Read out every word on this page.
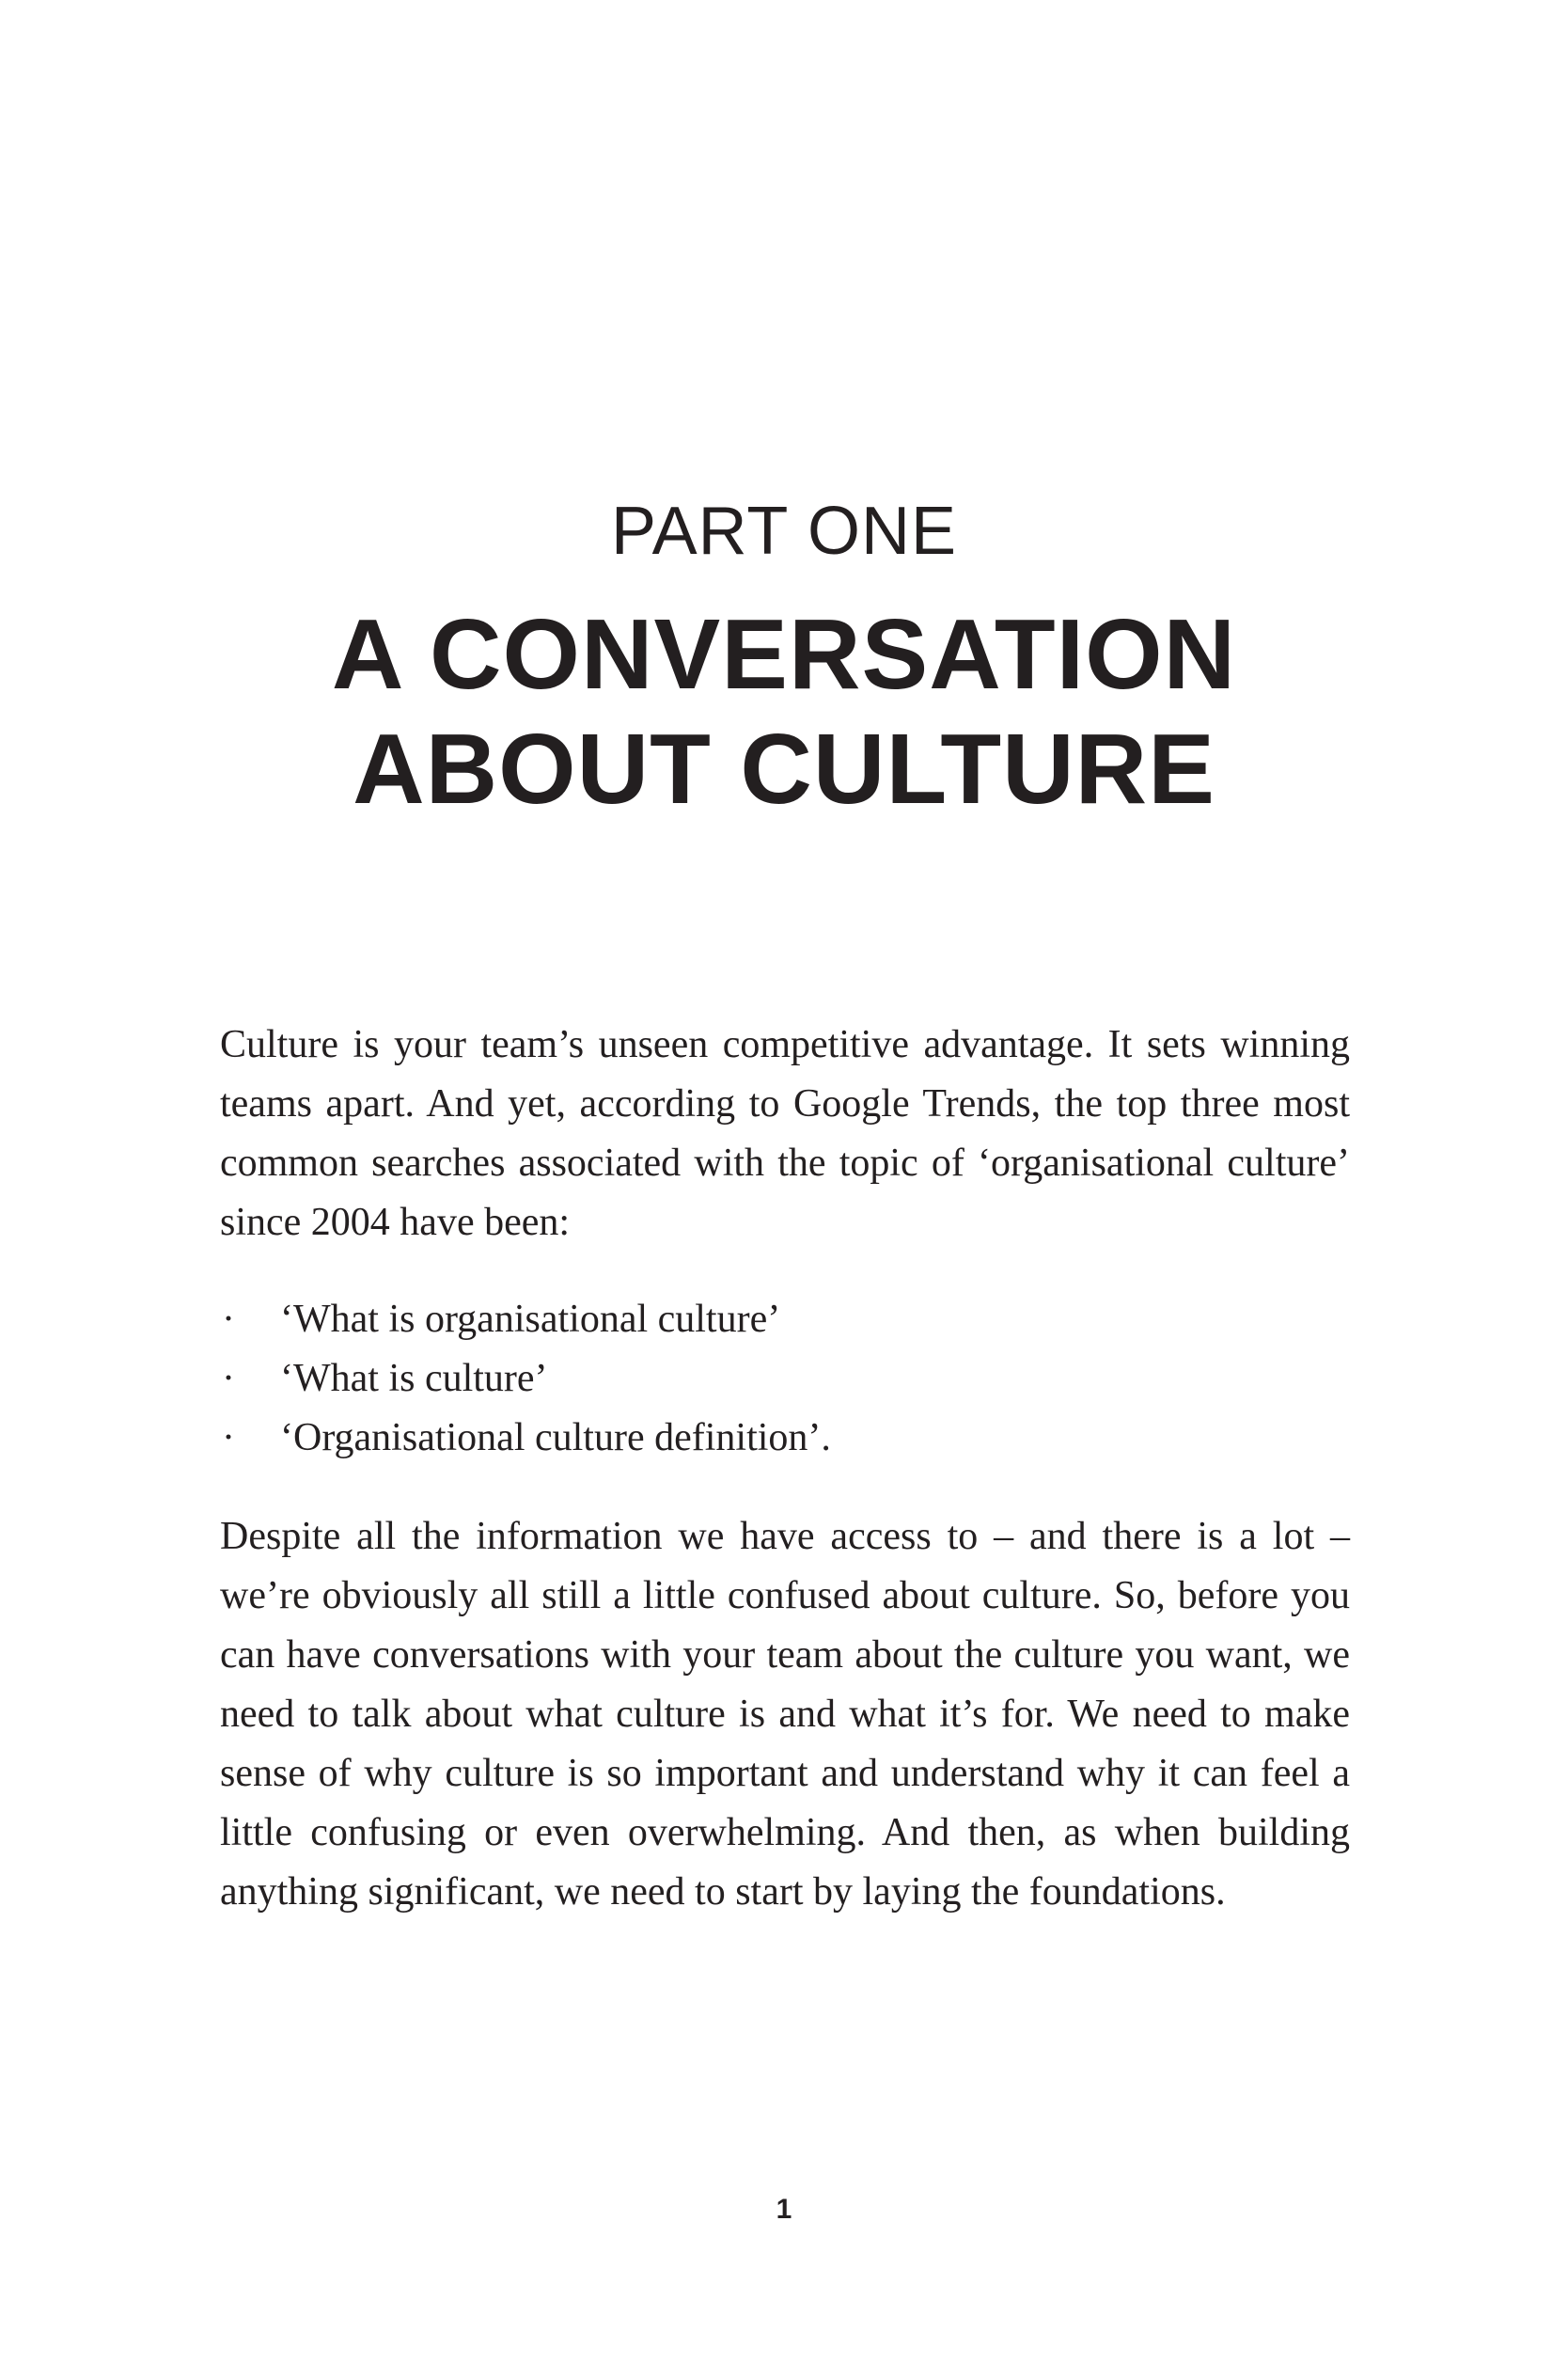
PART ONE
A CONVERSATION
ABOUT CULTURE

Culture is your team’s unseen competitive advantage. It sets winning teams apart. And yet, according to Google Trends, the top three most common searches associated with the topic of ‘organisational culture’ since 2004 have been:

· ‘What is organisational culture’
· ‘What is culture’
· ‘Organisational culture definition’.

Despite all the information we have access to – and there is a lot – we’re obviously all still a little confused about culture. So, before you can have conversations with your team about the culture you want, we need to talk about what culture is and what it’s for. We need to make sense of why culture is so important and understand why it can feel a little confusing or even overwhelming. And then, as when building anything significant, we need to start by laying the foundations.

1
